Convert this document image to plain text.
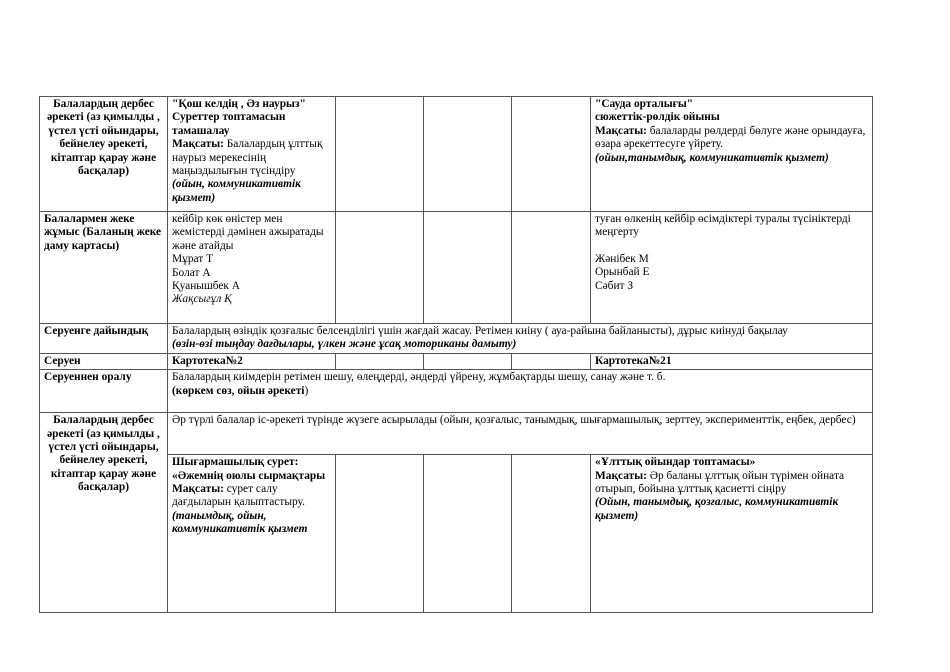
Балалардың дербес әрекеті (аз қимылды , үстел үсті ойындары, бейнелеу әрекеті, кітаптар қарау және басқалар)	"Қош келдің , Әз наурыз"
Суреттер топтамасын тамашалау
Мақсаты: Балалардың ұлттық наурыз мерекесінің маңыздылығын түсіндіру
(ойын, коммуникативтік қызмет)				"Сауда орталығы"
сюжеттік-рөлдік ойыны
Мақсаты: балаларды рөлдерді бөлуге және орындауға, өзара әрекеттесуге үйрету.
(ойын,танымдық, коммуникативтік қызмет)

Балалармен жеке жұмыс (Баланың жеке даму картасы)	кейбір көк өністер мен жемістерді дәмінен ажыратады және атайды
Мұрат Т
Болат А
Қуанышбек А
Жақсыгұл Қ				туған өлкенің кейбір өсімдіктері туралы түсініктерді меңгерту
Жәнібек М
Орынбай Е
Сәбит З

Серуенге дайындық	Балалардың өзіндік қозғалыс белсенділігі үшін жағдай жасау. Ретімен киіну ( ауа-райына байланысты), дұрыс киінуді бақылау
(өзін-өзі тыңдау дағдылары, үлкен және ұсақ моториканы дамыту)				

Серуен	Картотека№2				Картотека№21
Серуеннен оралу	Балалардың киімдерін ретімен шешу, өлеңдерді, әндерді үйрену, жұмбақтарды шешу, санау және т. б.
(көркем сөз, ойын әрекеті)				

Балалардың дербес әрекеті (аз қимылды , үстел үсті ойындары, бейнелеу әрекеті, кітаптар қарау және басқалар)	Әр түрлі балалар іс-әрекеті түрінде жүзеге асырылады (ойын, қозғалыс, танымдық, шығармашылық, зерттеу, эксперименттік, еңбек, дербес)				

	Шығармашылық сурет:
«Әжемнің оюлы сырмақтары
Мақсаты: сурет салу дағдыларын қалыптастыру.
(танымдық, ойын, коммуникативтік қызмет				«Ұлттық ойындар топтамасы»
Мақсаты: Әр баланы ұлттық ойын түрімен ойната отырып, бойына ұлттық қасиетті сіңіру
(Ойын, танымдық, қозғалыс, коммуникативтік қызмет)
